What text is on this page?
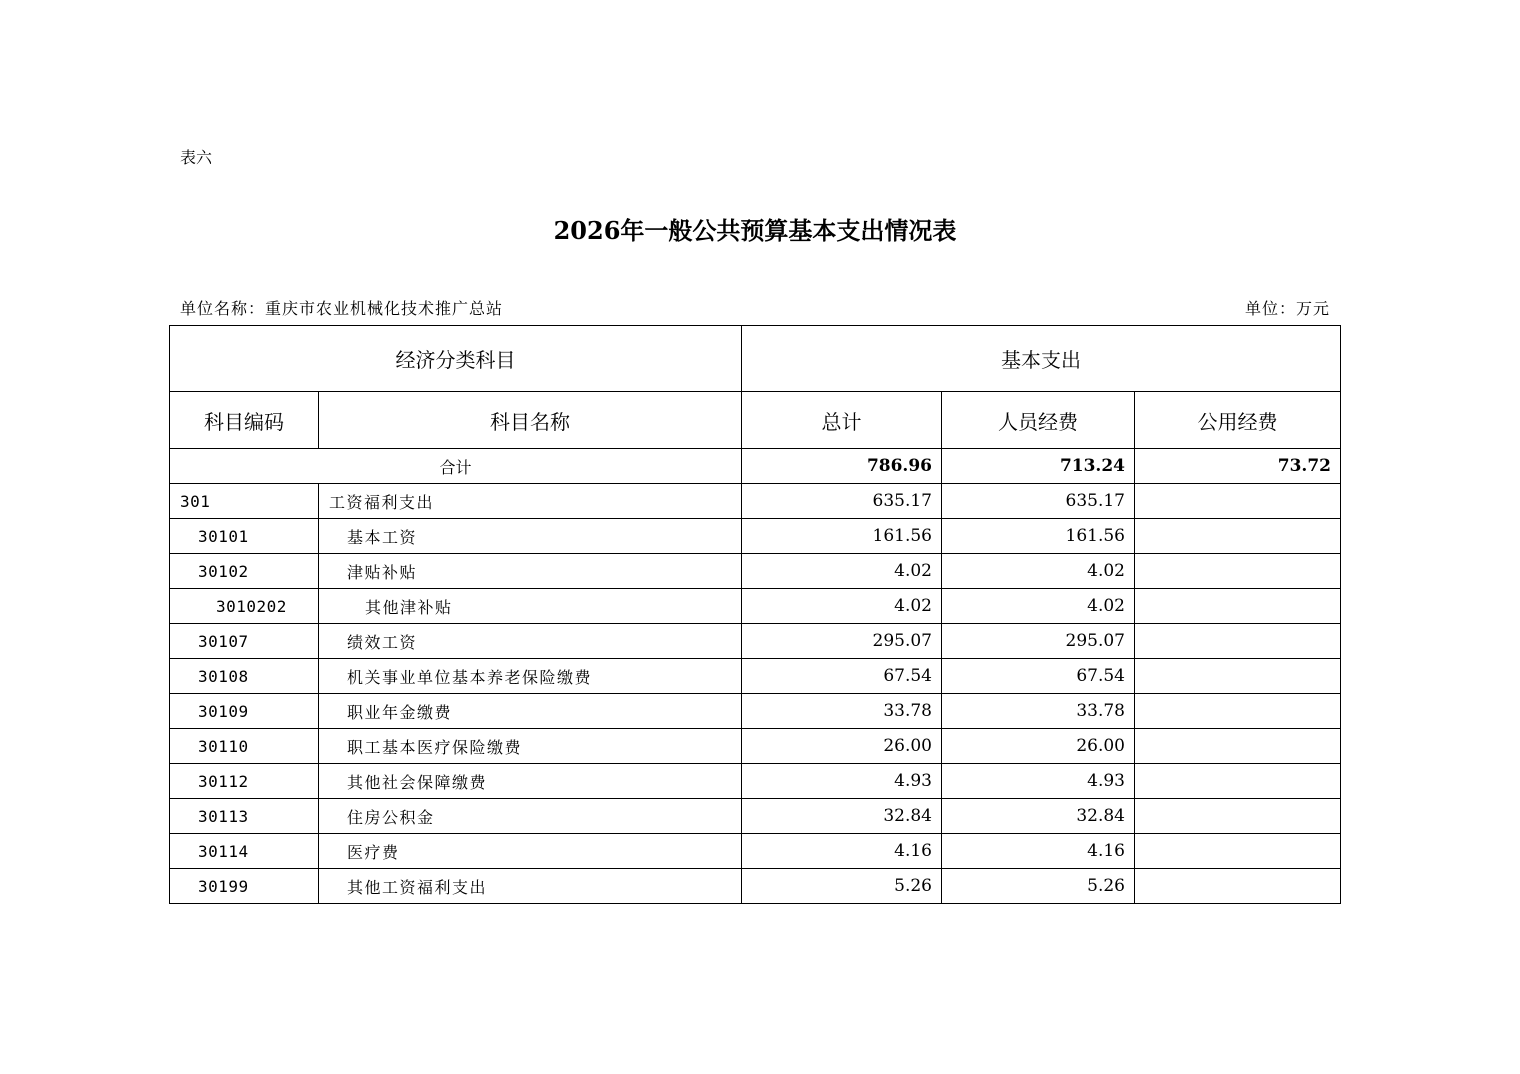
表六
2026年一般公共预算基本支出情况表
单位名称：重庆市农业机械化技术推广总站	单位：万元
经济分类科目		基本支出		
科目编码	科目名称	总计	人员经费	公用经费
合计		786.96	713.24	73.72
301	工资福利支出	635.17	635.17	
30101	基本工资	161.56	161.56	
30102	津贴补贴	4.02	4.02	
3010202	其他津补贴	4.02	4.02	
30107	绩效工资	295.07	295.07	
30108	机关事业单位基本养老保险缴费	67.54	67.54	
30109	职业年金缴费	33.78	33.78	
30110	职工基本医疗保险缴费	26.00	26.00	
30112	其他社会保障缴费	4.93	4.93	
30113	住房公积金	32.84	32.84	
30114	医疗费	4.16	4.16	
30199	其他工资福利支出	5.26	5.26	
